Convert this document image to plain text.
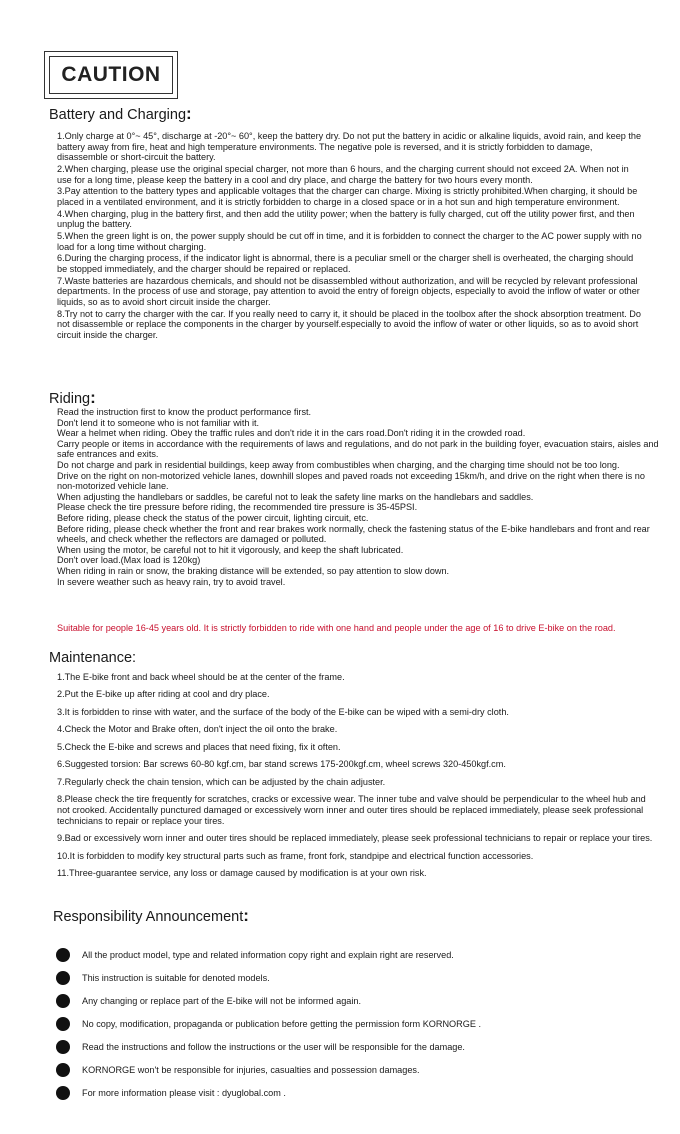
CAUTION
Battery and Charging:

1.Only charge at 0°~ 45°, discharge at -20°~ 60°, keep the battery dry. Do not put the battery in acidic or alkaline liquids, avoid rain, and keep the battery away from fire, heat and high temperature environments. The negative pole is reversed, and it is strictly forbidden to damage, disassemble or short-circuit the battery.

2.When charging, please use the original special charger, not more than 6 hours, and the charging current should not exceed 2A. When not in use for a long time, please keep the battery in a cool and dry place, and charge the battery for two hours every month.

3.Pay attention to the battery types and applicable voltages that the charger can charge. Mixing is strictly prohibited.When charging, it should be placed in a ventilated environment, and it is strictly forbidden to charge in a closed space or in a hot sun and high temperature environment.

4.When charging, plug in the battery first, and then add the utility power; when the battery is fully charged, cut off the utility power first, and then unplug the battery.

5.When the green light is on, the power supply should be cut off in time, and it is forbidden to connect the charger to the AC power supply with no load for a long time without charging.

6.During the charging process, if the indicator light is abnormal, there is a peculiar smell or the charger shell is overheated, the charging should be stopped immediately, and the charger should be repaired or replaced.

7.Waste batteries are hazardous chemicals, and should not be disassembled without authorization, and will be recycled by relevant professional departments. In the process of use and storage, pay attention to avoid the entry of foreign objects, especially to avoid the inflow of water or other liquids, so as to avoid short circuit inside the charger.

8.Try not to carry the charger with the car. If you really need to carry it, it should be placed in the toolbox after the shock absorption treatment. Do not disassemble or replace the components in the charger by yourself.especially to avoid the inflow of water or other liquids, so as to avoid short circuit inside the charger.

Riding:

Read the instruction first to know the product performance first.

Don't lend it to someone who is not familiar with it.

Wear a helmet when riding. Obey the traffic rules and don't ride it in the cars road.Don't riding it in the crowded road.

Carry people or items in accordance with the requirements of laws and regulations, and do not park in the building foyer, evacuation stairs, aisles and safe entrances and exits.

Do not charge and park in residential buildings, keep away from combustibles when charging, and the charging time should not be too long.

Drive on the right on non-motorized vehicle lanes, downhill slopes and paved roads not exceeding 15km/h, and drive on the right when there is no non-motorized vehicle lane.

When adjusting the handlebars or saddles, be careful not to leak the safety line marks on the handlebars and saddles.

Please check the tire pressure before riding, the recommended tire pressure is 35-45PSI.

Before riding, please check the status of the power circuit, lighting circuit, etc.

Before riding, please check whether the front and rear brakes work normally, check the fastening status of the E-bike handlebars and front and rear wheels, and check whether the reflectors are damaged or polluted.

When using the motor, be careful not to hit it vigorously, and keep the shaft lubricated.

Don't over load.(Max load is 120kg)

When riding in rain or snow, the braking distance will be extended, so pay attention to slow down.

In severe weather such as heavy rain, try to avoid travel.

Suitable for people 16-45 years old. It is strictly forbidden to ride with one hand and people under the age of 16 to drive E-bike on the road.
Maintenance:

1.The E-bike front and back wheel should be at the center of the frame.

2.Put the E-bike up after riding at cool and dry place.

3.It is forbidden to rinse with water, and the surface of the body of the E-bike can be wiped with a semi-dry cloth.

4.Check the Motor and Brake often, don't inject the oil onto the brake.

5.Check the E-bike and screws and places that need fixing, fix it often.

6.Suggested torsion: Bar screws 60-80 kgf.cm, bar stand screws 175-200kgf.cm, wheel screws 320-450kgf.cm.

7.Regularly check the chain tension, which can be adjusted by the chain adjuster.

8.Please check the tire frequently for scratches, cracks or excessive wear. The inner tube and valve should be perpendicular to the wheel hub and not crooked. Accidentally punctured damaged or excessively worn inner and outer tires should be replaced immediately, please seek professional technicians to repair or replace your tires.

9.Bad or excessively worn inner and outer tires should be replaced immediately, please seek professional technicians to repair or replace your tires.

10.It is forbidden to modify key structural parts such as frame, front fork, standpipe and electrical function accessories.

11.Three-guarantee service, any loss or damage caused by modification is at your own risk.

Responsibility Announcement:
All the product model, type and related information copy right and explain right are reserved.
This instruction is suitable for denoted models.
Any changing or replace part of the E-bike will not be informed again.
No copy, modification, propaganda or publication before getting the permission form KORNORGE .
Read the instructions and follow the instructions or the user will be responsible for the damage.
KORNORGE won't be responsible for injuries, casualties and possession damages.
For more information please visit : dyuglobal.com .
